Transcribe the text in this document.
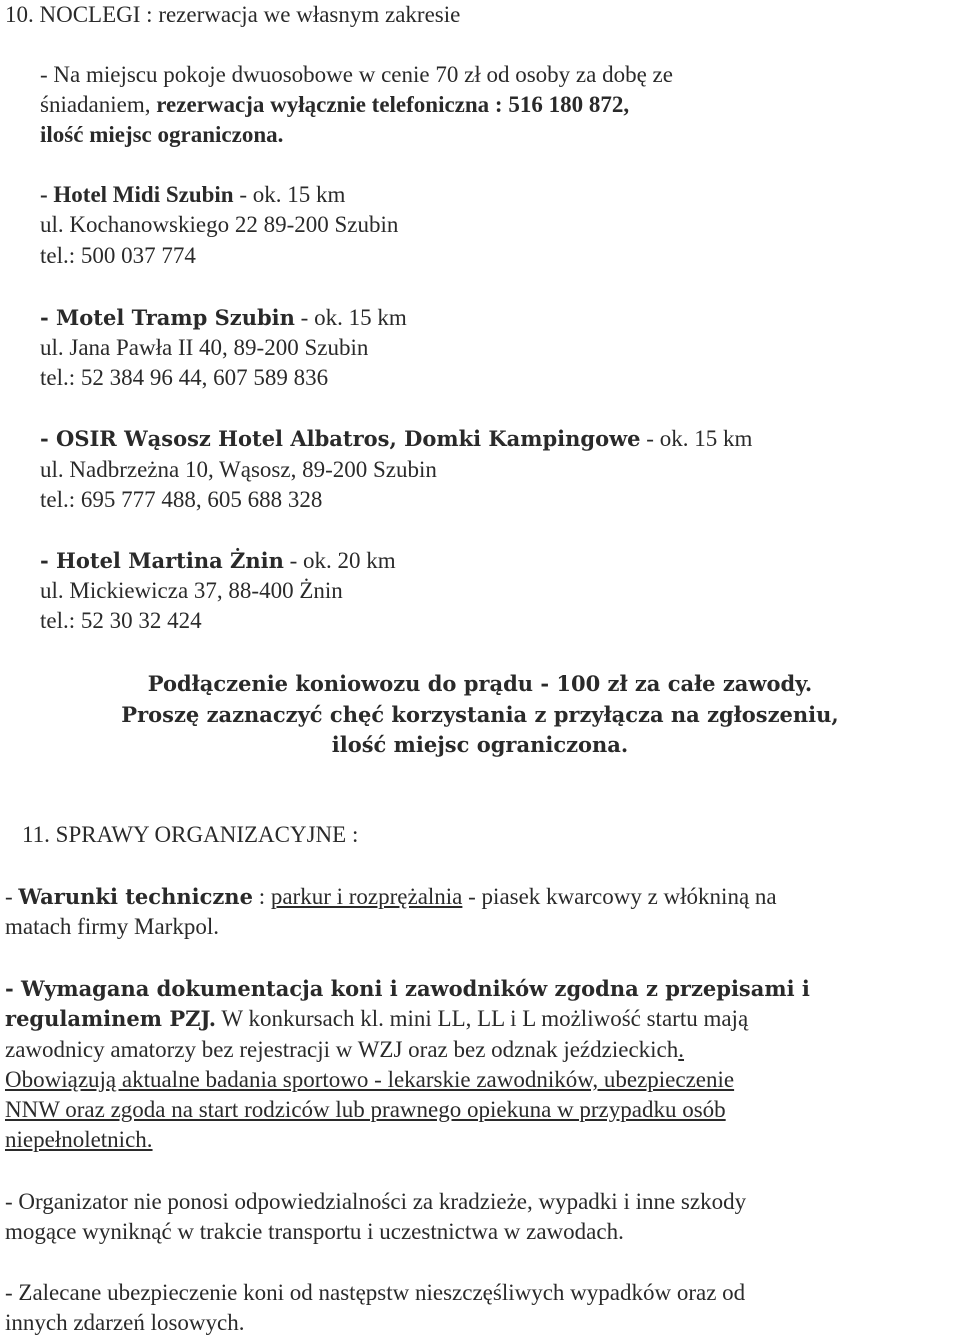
10. NOCLEGI : rezerwacja we własnym zakresie
- Na miejscu pokoje dwuosobowe w cenie 70 zł od osoby za dobę ze
śniadaniem, rezerwacja wyłącznie telefoniczna : 516 180 872,
ilość miejsc ograniczona.
- Hotel Midi Szubin - ok. 15 km
ul. Kochanowskiego 22 89-200 Szubin
tel.: 500 037 774
- Motel Tramp Szubin - ok. 15 km
ul. Jana Pawła II 40, 89-200 Szubin
tel.: 52 384 96 44, 607 589 836
- OSIR Wąsosz Hotel Albatros, Domki Kampingowe - ok. 15 km
ul. Nadbrzeżna 10, Wąsosz, 89-200 Szubin
tel.: 695 777 488, 605 688 328
- Hotel Martina Żnin - ok. 20 km
ul. Mickiewicza 37, 88-400 Żnin
tel.: 52 30 32 424
Podłączenie koniowozu do prądu - 100 zł za całe zawody.
Proszę zaznaczyć chęć korzystania z przyłącza na zgłoszeniu,
ilość miejsc ograniczona.
11. SPRAWY ORGANIZACYJNE :
- Warunki techniczne : parkur i rozprężalnia - piasek kwarcowy z włókniną na
matach firmy Markpol.
- Wymagana dokumentacja koni i zawodników zgodna z przepisami i
regulaminem PZJ. W konkursach kl. mini LL, LL i L możliwość startu mają
zawodnicy amatorzy bez rejestracji w WZJ oraz bez odznak jeździeckich.
Obowiązują aktualne badania sportowo - lekarskie zawodników, ubezpieczenie
NNW oraz zgoda na start rodziców lub prawnego opiekuna w przypadku osób
niepełnoletnich.
- Organizator nie ponosi odpowiedzialności za kradzieże, wypadki i inne szkody
mogące wyniknąć w trakcie transportu i uczestnictwa w zawodach.
- Zalecane ubezpieczenie koni od następstw nieszczęśliwych wypadków oraz od
innych zdarzeń losowych.
